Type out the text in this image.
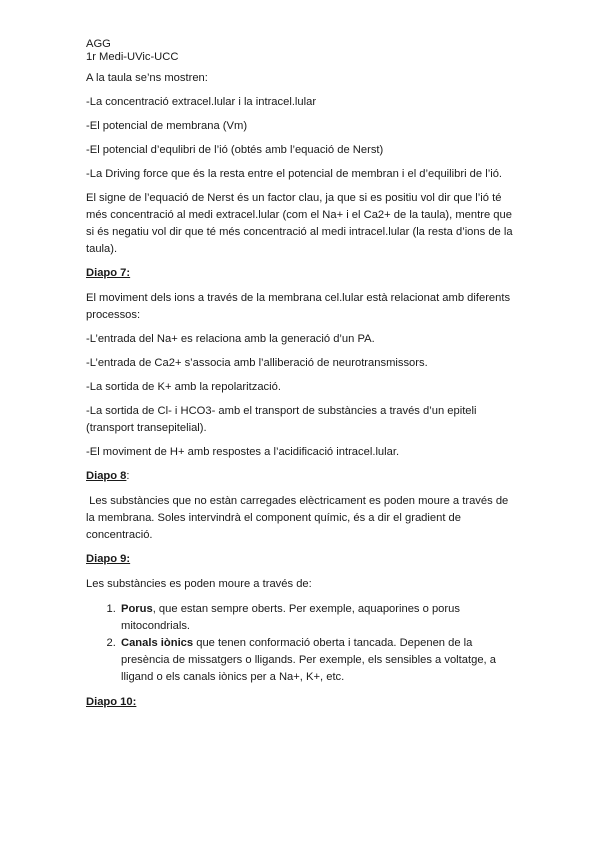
AGG
1r Medi-UVic-UCC

A la taula se’ns mostren:

-La concentració extracel.lular i la intracel.lular

-El potencial de membrana (Vm)

-El potencial d’equlibri de l’ió (obtés amb l’equació de Nerst)

-La Driving force que és la resta entre el potencial de membran i el d’equilibri de l’ió.

El signe de l’equació de Nerst és un factor clau, ja que si es positiu vol dir que l’ió té més concentració al medi extracel.lular (com el Na+ i el Ca2+ de la taula), mentre que si és negatiu vol dir que té més concentració al medi intracel.lular (la resta d’ions de la taula).

Diapo 7:

El moviment dels ions a través de la membrana cel.lular està relacionat amb diferents processos:

-L’entrada del Na+ es relaciona amb la generació d’un PA.

-L’entrada de Ca2+ s’associa amb l’alliberació de neurotransmissors.

-La sortida de K+ amb la repolarització.

-La sortida de Cl- i HCO3- amb el transport de substàncies a través d’un epiteli (transport transepitelial).

-El moviment de H+ amb respostes a l’acidificació intracel.lular.

Diapo 8:

Les substàncies que no estàn carregades elèctricament es poden moure a través de la membrana. Soles intervindrà el component químic, és a dir el gradient de concentració.

Diapo 9:

Les substàncies es poden moure a través de:

1. Porus, que estan sempre oberts. Per exemple, aquaporines o porus mitocondrials.
2. Canals iònics que tenen conformació oberta i tancada. Depenen de la presència de missatgers o lligands. Per exemple, els sensibles a voltatge, a lligand o els canals iònics per a Na+, K+, etc.

Diapo 10:
